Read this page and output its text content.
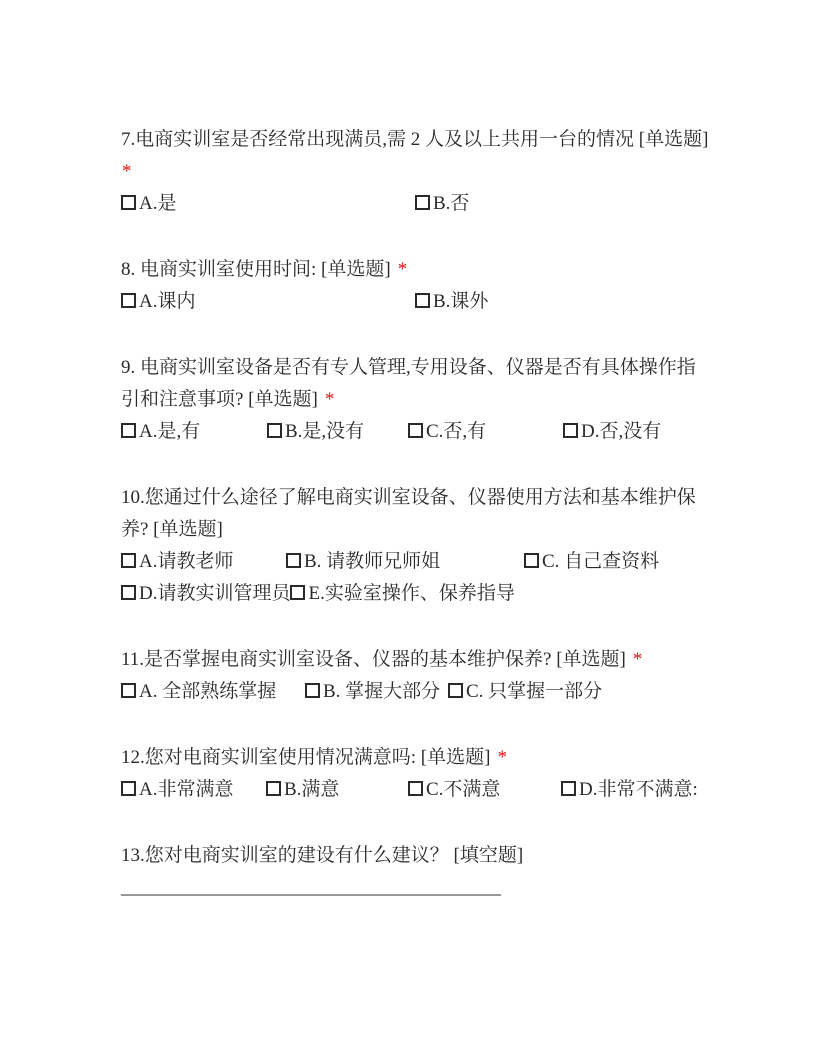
7.电商实训室是否经常出现满员,需 2 人及以上共用一台的情况 [单选题]
*
A.是	B.否
8. 电商实训室使用时间: [单选题] *
A.课内	B.课外
9. 电商实训室设备是否有专人管理,专用设备、仪器是否有具体操作指
引和注意事项? [单选题] *
A.是,有	B.是,没有	C.否,有	D.否,没有
10.您通过什么途径了解电商实训室设备、仪器使用方法和基本维护保
养? [单选题]
A.请教老师	B. 请教师兄师姐	C. 自己查资料
D.请教实训管理员 E.实验室操作、保养指导
11.是否掌握电商实训室设备、仪器的基本维护保养? [单选题] *
A. 全部熟练掌握 B. 掌握大部分 C. 只掌握一部分
12.您对电商实训室使用情况满意吗: [单选题] *
A.非常满意	B.满意	C.不满意	D.非常不满意:
13.您对电商实训室的建设有什么建议？ [填空题]
________________________________________
